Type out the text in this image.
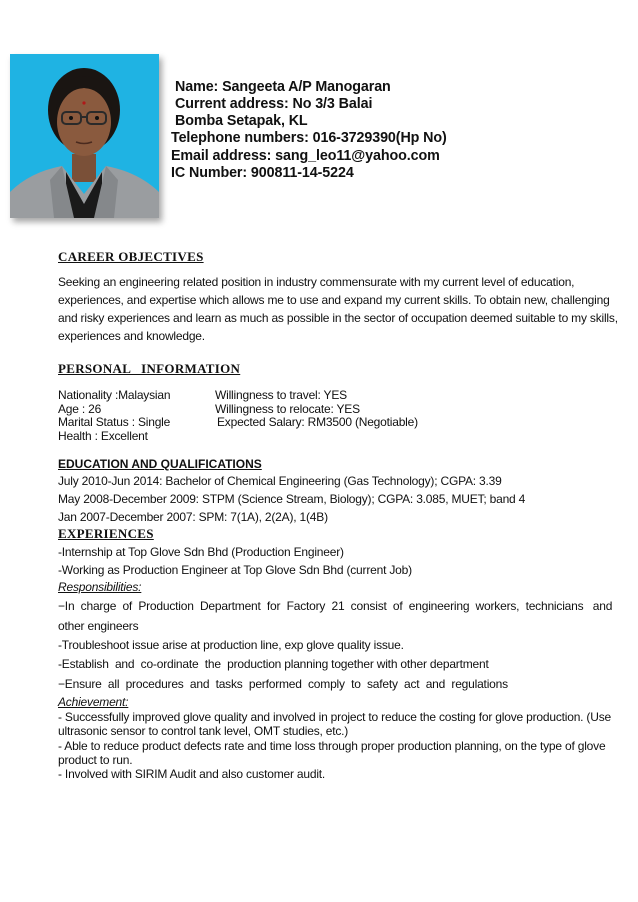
Name: Sangeeta A/P Manogaran
Current address: No 3/3 Balai
Bomba Setapak, KL
Telephone numbers: 016-3729390(Hp No)
Email address: sang_leo11@yahoo.com
IC Number: 900811-14-5224
CAREER OBJECTIVES
Seeking an engineering related position in industry commensurate with my current level of education,
experiences, and expertise which allows me to use and expand my current skills. To obtain new, challenging
and risky experiences and learn as much as possible in the sector of occupation deemed suitable to my skills,
experiences and knowledge.
PERSONAL   INFORMATION
Nationality :Malaysian
Age : 26
Marital Status : Single
Health : Excellent
Willingness to travel: YES
Willingness to relocate: YES
Expected Salary: RM3500 (Negotiable)
EDUCATION AND QUALIFICATIONS
July 2010-Jun 2014: Bachelor of Chemical Engineering (Gas Technology); CGPA: 3.39
May 2008-December 2009: STPM (Science Stream, Biology); CGPA: 3.085, MUET; band 4
Jan 2007-December 2007: SPM: 7(1A), 2(2A), 1(4B)
EXPERIENCES
-Internship at Top Glove Sdn Bhd (Production Engineer)
-Working as Production Engineer at Top Glove Sdn Bhd (current Job)
Responsibilities:
−In  charge  of  Production  Department  for  Factory  21  consist  of  engineering  workers,  technicians   and
other engineers
-Troubleshoot issue arise at production line, exp glove quality issue.
-Establish  and  co-ordinate  the  production planning together with other department
−Ensure  all  procedures  and  tasks  performed  comply  to  safety  act  and  regulations
Achievement:
- Successfully improved glove quality and involved in project to reduce the costing for glove production. (Use
ultrasonic sensor to control tank level, OMT studies, etc.)
- Able to reduce product defects rate and time loss through proper production planning, on the type of glove
product to run.
- Involved with SIRIM Audit and also customer audit.
